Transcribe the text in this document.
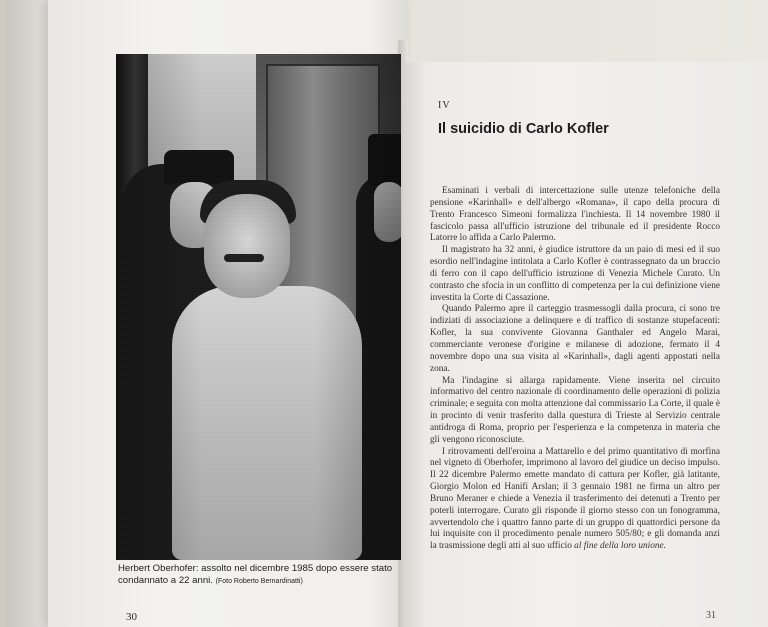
Herbert Oberhofer: assolto nel dicembre 1985 dopo essere stato condannato a 22 anni. (Foto Roberto Bernardinatti)
30
IV
Il suicidio di Carlo Kofler

Esaminati i verbali di intercettazione sulle utenze telefoniche della pensione «Karinhall» e dell'albergo «Romana», il capo della procura di Trento Francesco Simeoni formalizza l'inchiesta. Il 14 novembre 1980 il fascicolo passa all'ufficio istruzione del tribunale ed il presidente Rocco Latorre lo affida a Carlo Palermo.

Il magistrato ha 32 anni, è giudice istruttore da un paio di mesi ed il suo esordio nell'indagine intitolata a Carlo Kofler è contrassegnato da un braccio di ferro con il capo dell'ufficio istruzione di Venezia Michele Curato. Un contrasto che sfocia in un conflitto di competenza per la cui definizione viene investita la Corte di Cassazione.

Quando Palermo apre il carteggio trasmessogli dalla procura, ci sono tre indiziati di associazione a delinquere e di traffico di sostanze stupefacenti: Kofler, la sua convivente Giovanna Ganthaler ed Angelo Marai, commerciante veronese d'origine e milanese di adozione, fermato il 4 novembre dopo una sua visita al «Karinhall», dagli agenti appostati nella zona.

Ma l'indagine si allarga rapidamente. Viene inserita nel circuito informativo del centro nazionale di coordinamento delle operazioni di polizia criminale; e seguita con molta attenzione dal commissario La Corte, il quale è in procinto di venir trasferito dalla questura di Trieste al Servizio centrale antidroga di Roma, proprio per l'esperienza e la competenza in materia che gli vengono riconosciute.

I ritrovamenti dell'eroina a Mattarello e del primo quantitativo di morfina nel vigneto di Oberhofer, imprimono al lavoro del giudice un deciso impulso. Il 22 dicembre Palermo emette mandato di cattura per Kofler, già latitante, Giorgio Molon ed Hanifi Arslan; il 3 gennaio 1981 ne firma un altro per Bruno Meraner e chiede a Venezia il trasferimento dei detenuti a Trento per poterli interrogare. Curato gli risponde il giorno stesso con un fonogramma, avvertendolo che i quattro fanno parte di un gruppo di quattordici persone da lui inquisite con il procedimento penale numero 505/80; e gli domanda anzi la trasmissione degli atti al suo ufficio al fine della loro unione.

31
